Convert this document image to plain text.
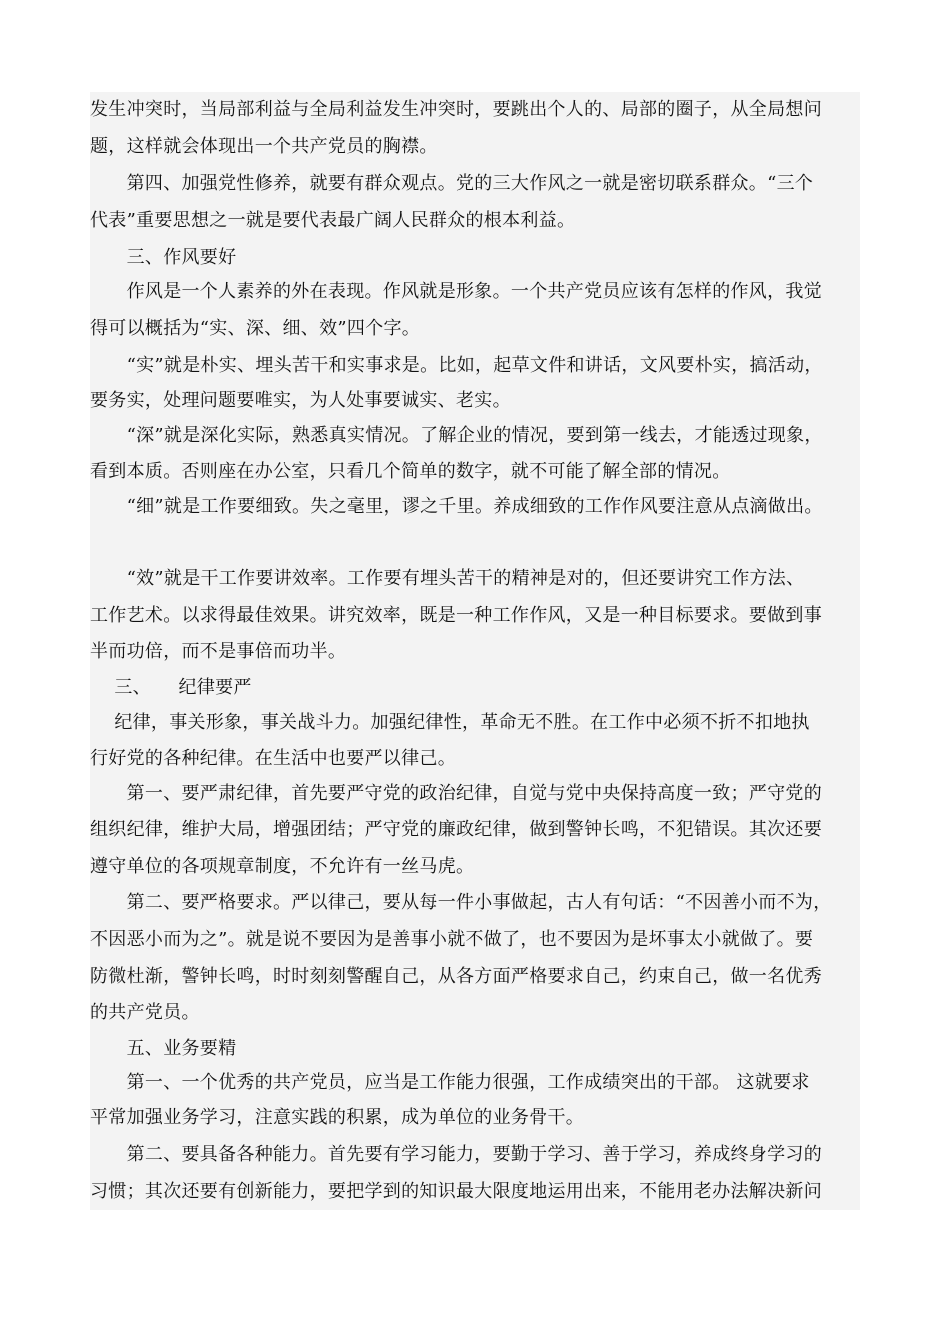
发生冲突时，当局部利益与全局利益发生冲突时，要跳出个人的、局部的圈子，从全局想问
题，这样就会体现出一个共产党员的胸襟。
　　第四、加强党性修养，就要有群众观点。党的三大作风之一就是密切联系群众。“三个
代表”重要思想之一就是要代表最广阔人民群众的根本利益。
　　三、作风要好
　　作风是一个人素养的外在表现。作风就是形象。一个共产党员应该有怎样的作风，我觉
得可以概括为“实、深、细、效”四个字。
　　“实”就是朴实、埋头苦干和实事求是。比如，起草文件和讲话，文风要朴实，搞活动，
要务实，处理问题要唯实，为人处事要诚实、老实。
　　“深”就是深化实际，熟悉真实情况。了解企业的情况，要到第一线去，才能透过现象，
看到本质。否则座在办公室，只看几个简单的数字，就不可能了解全部的情况。
　　“细”就是工作要细致。失之毫里，谬之千里。养成细致的工作作风要注意从点滴做出。
　　“效”就是干工作要讲效率。工作要有埋头苦干的精神是对的，但还要讲究工作方法、
工作艺术。以求得最佳效果。讲究效率，既是一种工作作风，又是一种目标要求。要做到事
半而功倍，而不是事倍而功半。
　 三、　　纪律要严
　 纪律，事关形象，事关战斗力。加强纪律性，革命无不胜。在工作中必须不折不扣地执
行好党的各种纪律。在生活中也要严以律己。
　　第一、要严肃纪律，首先要严守党的政治纪律，自觉与党中央保持高度一致；严守党的
组织纪律，维护大局，增强团结；严守党的廉政纪律，做到警钟长鸣，不犯错误。其次还要
遵守单位的各项规章制度，不允许有一丝马虎。
　　第二、要严格要求。严以律己，要从每一件小事做起，古人有句话：“不因善小而不为，
不因恶小而为之”。就是说不要因为是善事小就不做了，也不要因为是坏事太小就做了。要
防微杜渐，警钟长鸣，时时刻刻警醒自己，从各方面严格要求自己，约束自己，做一名优秀
的共产党员。
　　五、业务要精
　　第一、一个优秀的共产党员，应当是工作能力很强，工作成绩突出的干部。 这就要求
平常加强业务学习，注意实践的积累，成为单位的业务骨干。
　　第二、要具备各种能力。首先要有学习能力，要勤于学习、善于学习，养成终身学习的
习惯；其次还要有创新能力，要把学到的知识最大限度地运用出来，不能用老办法解决新问
